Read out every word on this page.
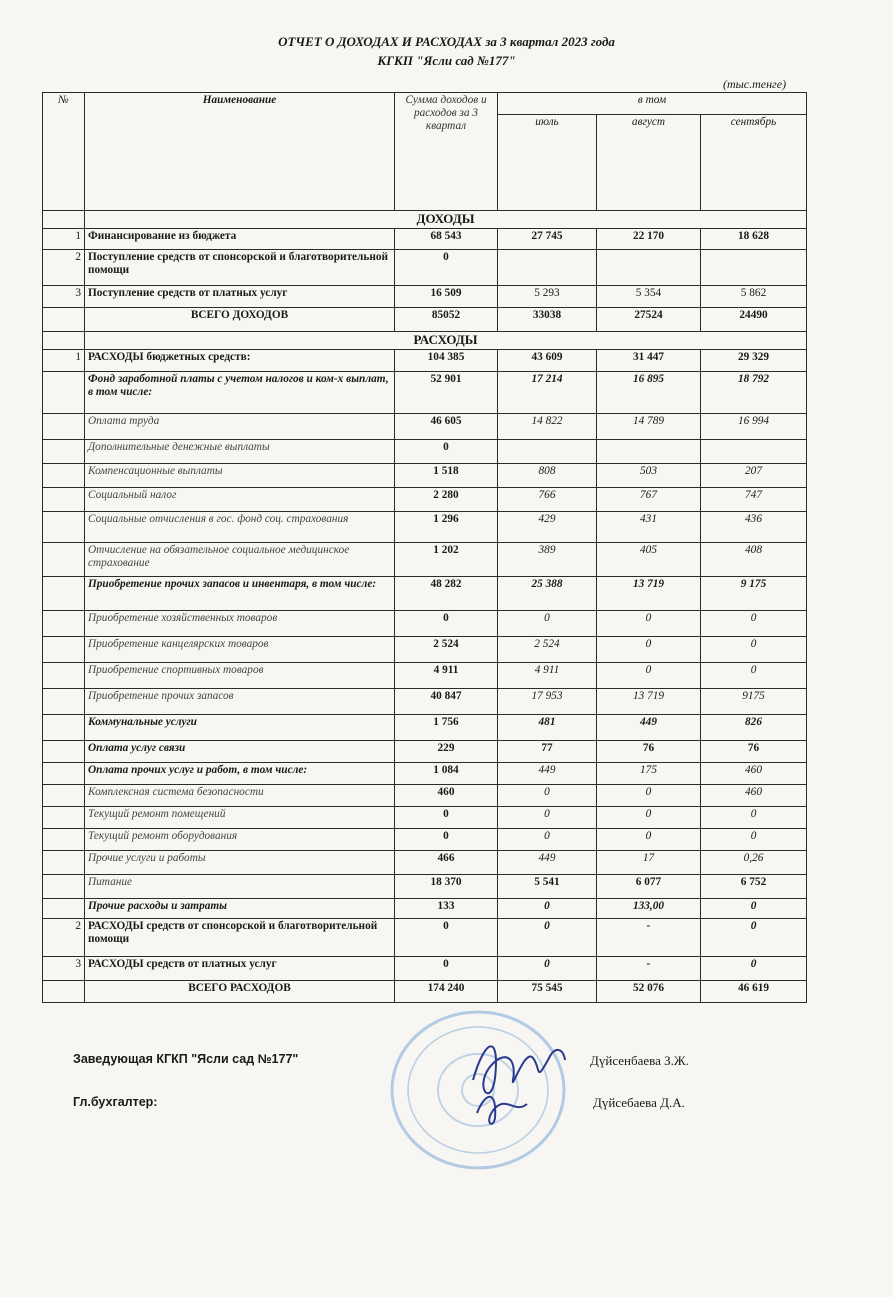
ОТЧЕТ О ДОХОДАХ И РАСХОДАХ за 3 квартал 2023 года
КГКП "Ясли сад №177"
(тыс.тенге)
№	Наименование	Сумма доходов и расходов за 3 квартал	в том		
			июль	август	сентябрь
	ДОХОДЫ				
1	Финансирование из бюджета	68 543	27 745	22 170	18 628
2	Поступление средств от спонсорской и благотворительной помощи	0			
3	Поступление средств от платных услуг	16 509	5 293	5 354	5 862
	ВСЕГО ДОХОДОВ	85052	33038	27524	24490
	РАСХОДЫ				
1	РАСХОДЫ бюджетных средств:	104 385	43 609	31 447	29 329
	Фонд заработной платы с учетом налогов и ком-х выплат, в том числе:	52 901	17 214	16 895	18 792
	Оплата труда	46 605	14 822	14 789	16 994
	Дополнительные денежные выплаты	0			
	Компенсационные выплаты	1 518	808	503	207
	Социальный налог	2 280	766	767	747
	Социальные отчисления в гос. фонд соц. страхования	1 296	429	431	436
	Отчисление на обязательное социальное медицинское страхование	1 202	389	405	408
	Приобретение прочих запасов и инвентаря, в том числе:	48 282	25 388	13 719	9 175
	Приобретение хозяйственных товаров	0	0	0	0
	Приобретение канцелярских товаров	2 524	2 524	0	0
	Приобретение спортивных товаров	4 911	4 911	0	0
	Приобретение прочих запасов	40 847	17 953	13 719	9175
	Коммунальные услуги	1 756	481	449	826
	Оплата услуг связи	229	77	76	76
	Оплата прочих услуг и работ, в том числе:	1 084	449	175	460
	Комплексная система безопасности	460	0	0	460
	Текущий ремонт помещений	0	0	0	0
	Текущий ремонт оборудования	0	0	0	0
	Прочие услуги и работы	466	449	17	0,26
	Питание	18 370	5 541	6 077	6 752
	Прочие расходы и затраты	133	0	133,00	0
2	РАСХОДЫ средств от спонсорской и благотворительной помощи	0	0	-	0
3	РАСХОДЫ средств от платных услуг	0	0	-	0
	ВСЕГО РАСХОДОВ	174 240	75 545	52 076	46 619
Заведующая КГКП "Ясли сад №177"	Дүйсенбаева З.Ж.
Гл.бухгалтер:	Дүйсебаева Д.А.
